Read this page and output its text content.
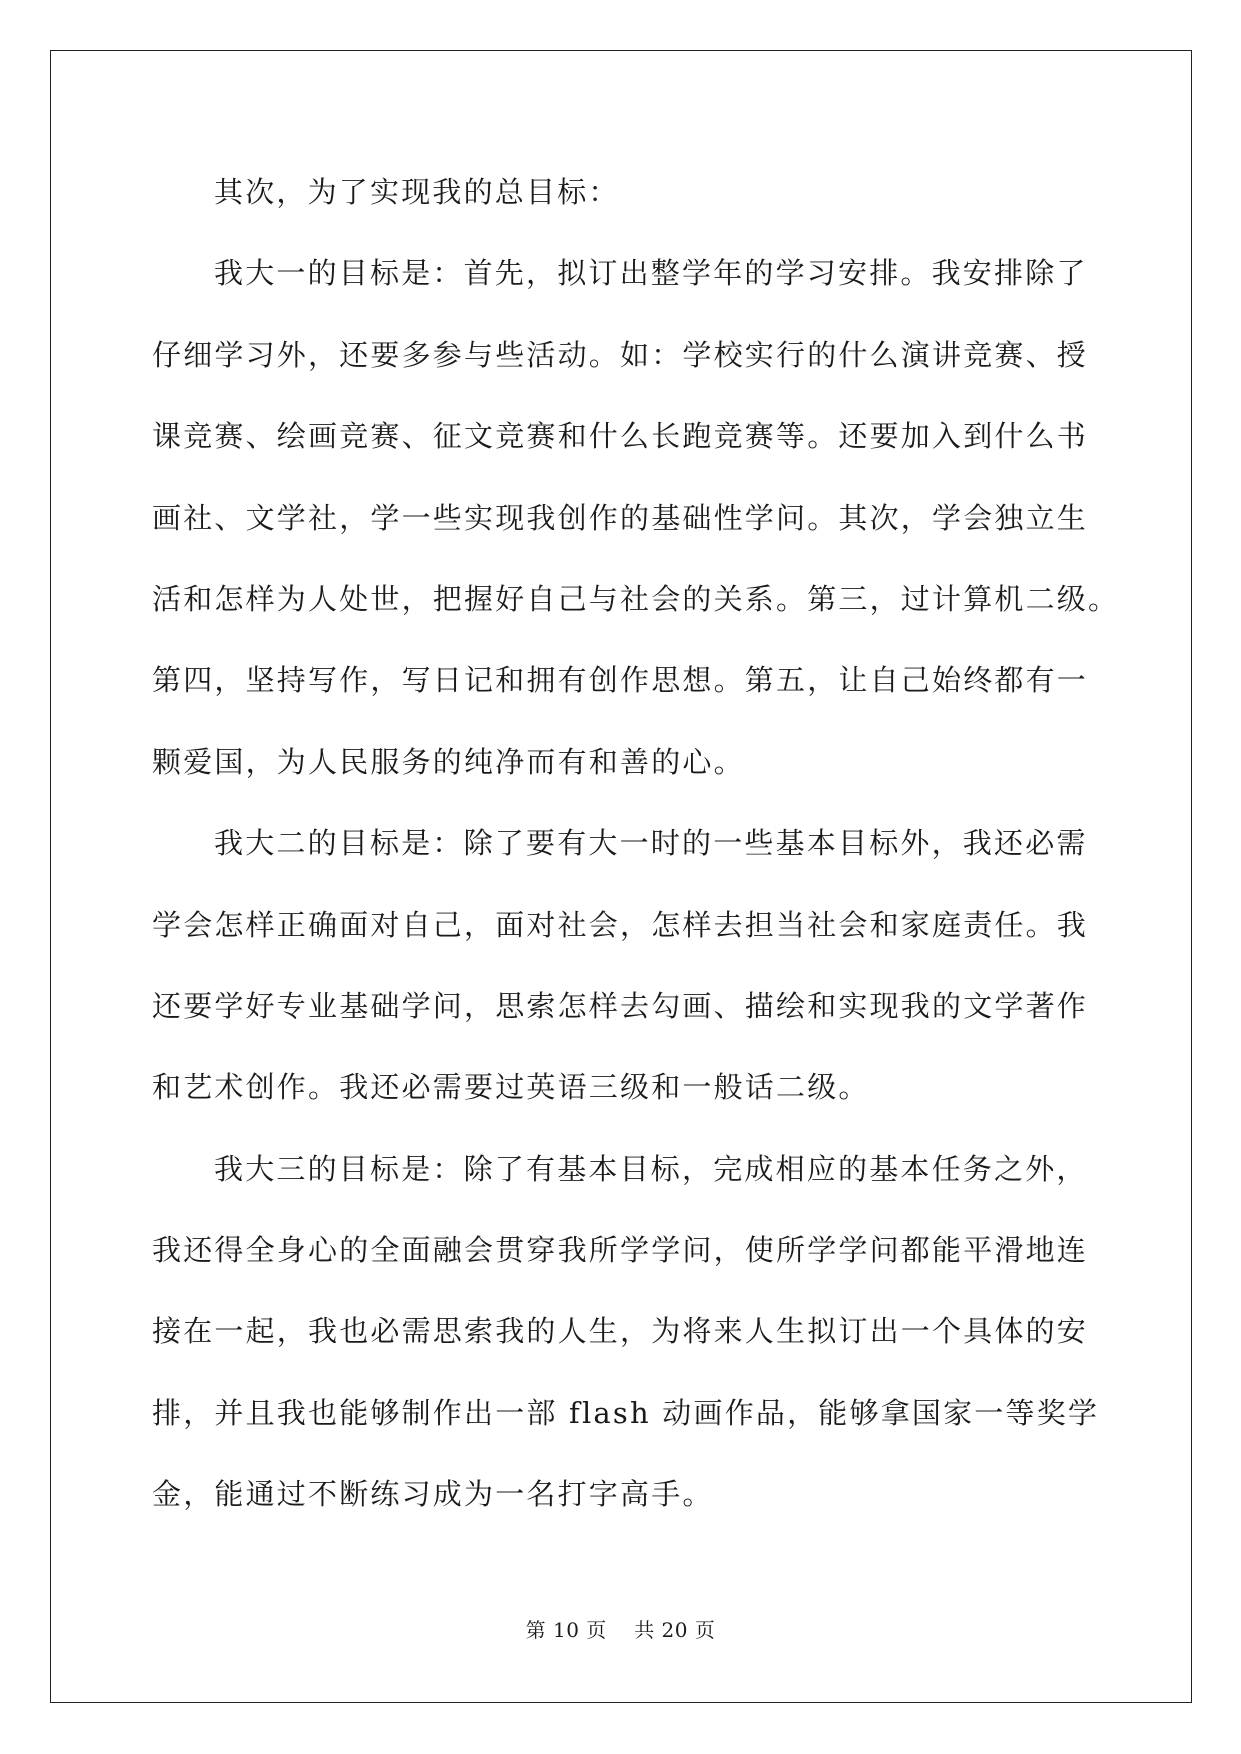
其次，为了实现我的总目标：
我大一的目标是：首先，拟订出整学年的学习安排。我安排除了
仔细学习外，还要多参与些活动。如：学校实行的什么演讲竞赛、授
课竞赛、绘画竞赛、征文竞赛和什么长跑竞赛等。还要加入到什么书
画社、文学社，学一些实现我创作的基础性学问。其次，学会独立生
活和怎样为人处世，把握好自己与社会的关系。第三，过计算机二级。
第四，坚持写作，写日记和拥有创作思想。第五，让自己始终都有一
颗爱国，为人民服务的纯净而有和善的心。
我大二的目标是：除了要有大一时的一些基本目标外，我还必需
学会怎样正确面对自己，面对社会，怎样去担当社会和家庭责任。我
还要学好专业基础学问，思索怎样去勾画、描绘和实现我的文学著作
和艺术创作。我还必需要过英语三级和一般话二级。
我大三的目标是：除了有基本目标，完成相应的基本任务之外，
我还得全身心的全面融会贯穿我所学学问，使所学学问都能平滑地连
接在一起，我也必需思索我的人生，为将来人生拟订出一个具体的安
排，并且我也能够制作出一部 flash 动画作品，能够拿国家一等奖学
金，能通过不断练习成为一名打字高手。
第 10 页    共 20 页
